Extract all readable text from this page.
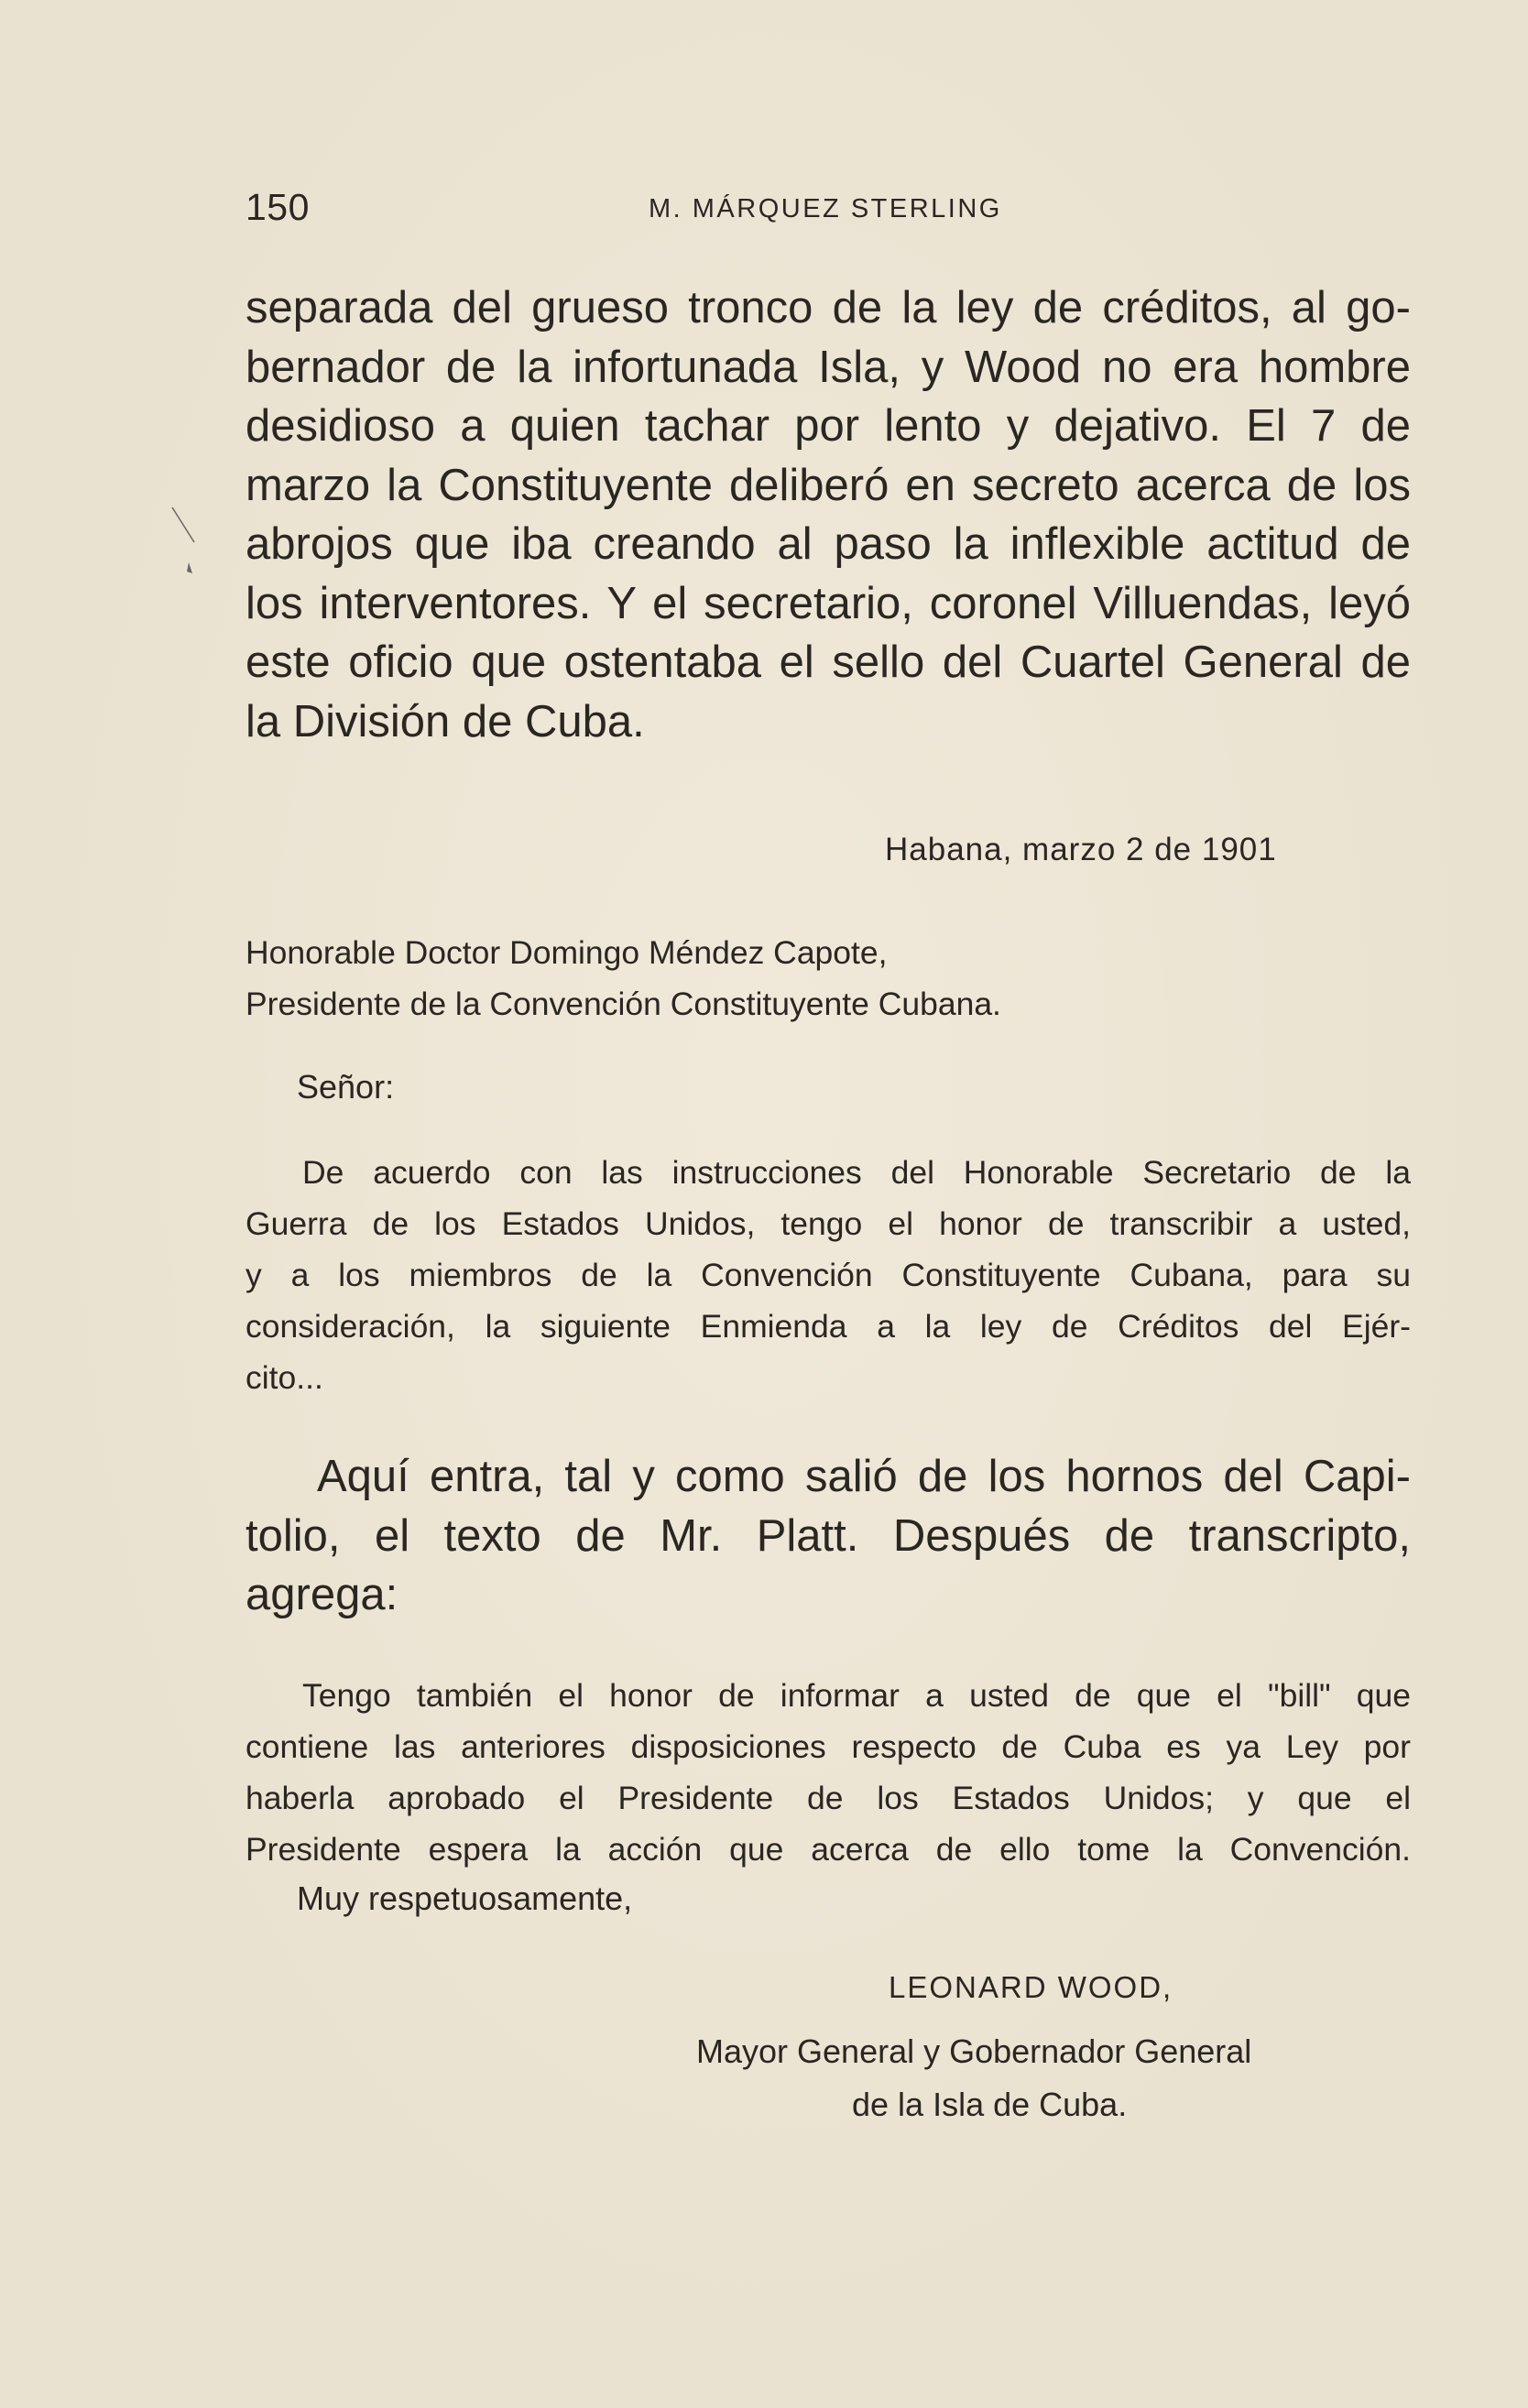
150	M. MÁRQUEZ STERLING
separada del grueso tronco de la ley de créditos, al go-
bernador de la infortunada Isla, y Wood no era hombre
desidioso a quien tachar por lento y dejativo. El 7 de
marzo la Constituyente deliberó en secreto acerca de los
abrojos que iba creando al paso la inflexible actitud de
los interventores. Y el secretario, coronel Villuendas, leyó
este oficio que ostentaba el sello del Cuartel General de
la División de Cuba.
Habana, marzo 2 de 1901
Honorable Doctor Domingo Méndez Capote,
Presidente de la Convención Constituyente Cubana.
Señor:
De acuerdo con las instrucciones del Honorable Secretario de la
Guerra de los Estados Unidos, tengo el honor de transcribir a usted,
y a los miembros de la Convención Constituyente Cubana, para su
consideración, la siguiente Enmienda a la ley de Créditos del Ejér-
cito...
Aquí entra, tal y como salió de los hornos del Capi-
tolio, el texto de Mr. Platt. Después de transcripto,
agrega:
Tengo también el honor de informar a usted de que el "bill" que
contiene las anteriores disposiciones respecto de Cuba es ya Ley por
haberla aprobado el Presidente de los Estados Unidos; y que el
Presidente espera la acción que acerca de ello tome la Convención.
Muy respetuosamente,
LEONARD WOOD,
Mayor General y Gobernador General
de la Isla de Cuba.
